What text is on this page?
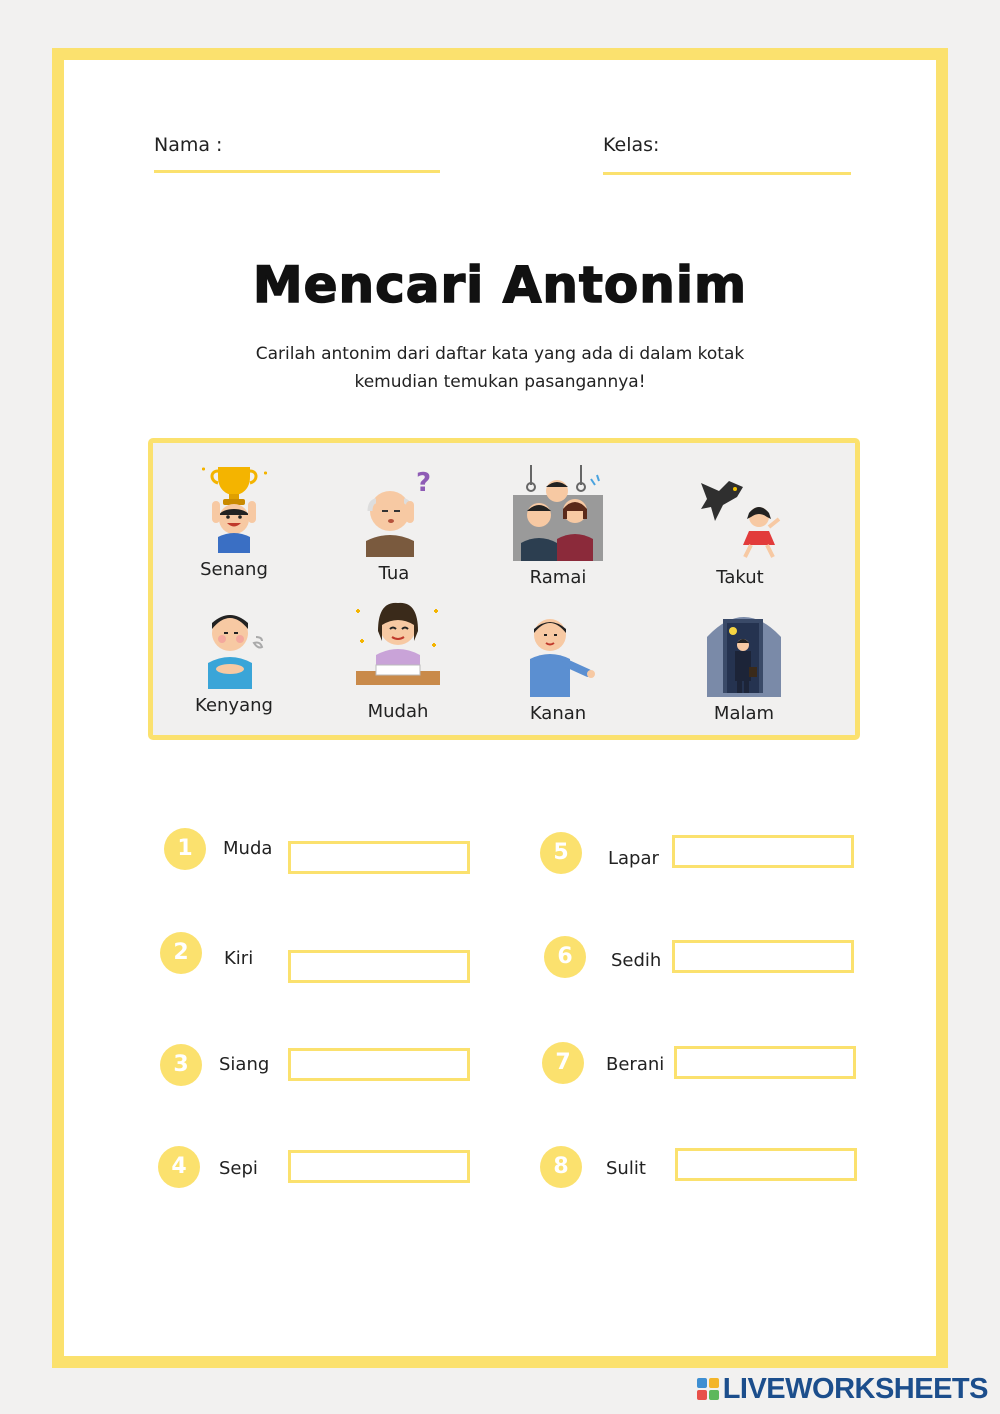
Nama :	Kelas:
Mencari Antonim
Carilah antonim dari daftar kata yang ada di dalam kotak
kemudian temukan pasangannya!
Senang
?
Tua	Ramai	Takut
Kenyang	Mudah	Kanan	Malam
1	Muda
2	Kiri
3	Siang
4	Sepi
5	Lapar
6	Sedih
7	Berani
8	Sulit
LIVEWORKSHEETS
